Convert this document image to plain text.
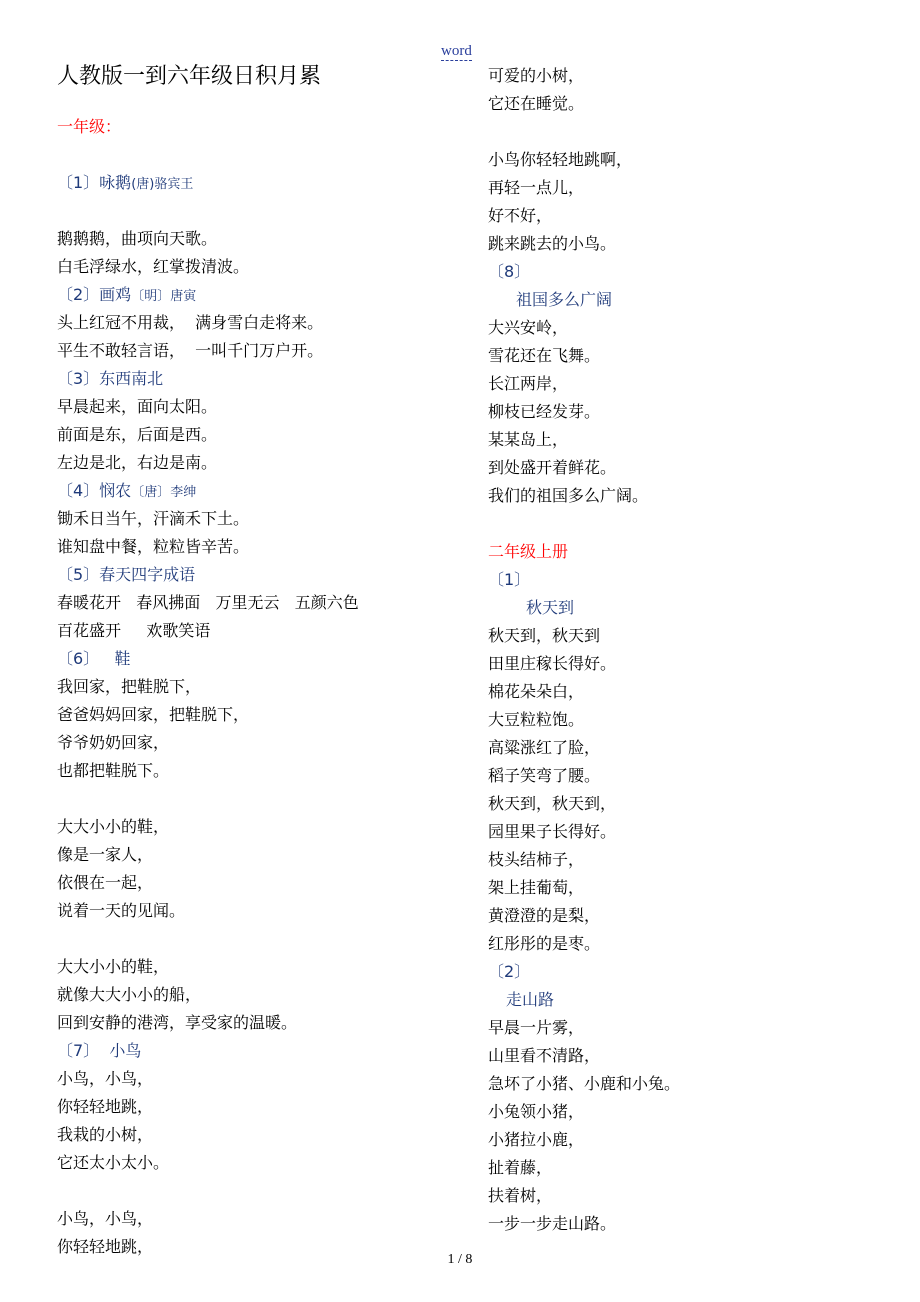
word
人教版一到六年级日积月累
一年级：
〔1〕咏鹅(唐)骆宾王
鹅鹅鹅，曲项向天歌。
白毛浮绿水，红掌拨清波。
〔2〕画鸡〔明〕唐寅
头上红冠不用裁，  满身雪白走将来。
平生不敢轻言语，  一叫千门万户开。
〔3〕东西南北
早晨起来，面向太阳。
前面是东，后面是西。
左边是北，右边是南。
〔4〕悯农〔唐〕李绅
锄禾日当午，汗滴禾下土。
谁知盘中餐，粒粒皆辛苦。
〔5〕春天四字成语
春暖花开   春风拂面   万里无云   五颜六色
百花盛开     欢歌笑语
〔6〕   鞋
我回家，把鞋脱下，
爸爸妈妈回家，把鞋脱下，
爷爷奶奶回家，
也都把鞋脱下。
大大小小的鞋，
像是一家人，
依偎在一起，
说着一天的见闻。
大大小小的鞋，
就像大大小小的船，
回到安静的港湾，享受家的温暖。
〔7〕  小鸟
小鸟，小鸟，
你轻轻地跳，
我栽的小树，
它还太小太小。
小鸟，小鸟，
你轻轻地跳，
可爱的小树，
它还在睡觉。
小鸟你轻轻地跳啊，
再轻一点儿，
好不好，
跳来跳去的小鸟。
〔8〕
祖国多么广阔
大兴安岭，
雪花还在飞舞。
长江两岸，
柳枝已经发芽。
某某岛上，
到处盛开着鲜花。
我们的祖国多么广阔。
二年级上册
〔1〕
秋天到
秋天到，秋天到
田里庄稼长得好。
棉花朵朵白，
大豆粒粒饱。
高粱涨红了脸，
稻子笑弯了腰。
秋天到，秋天到，
园里果子长得好。
枝头结柿子，
架上挂葡萄，
黄澄澄的是梨，
红彤彤的是枣。
〔2〕
走山路
早晨一片雾，
山里看不清路，
急坏了小猪、小鹿和小兔。
小兔领小猪，
小猪拉小鹿，
扯着藤，
扶着树，
一步一步走山路。
1 / 8
